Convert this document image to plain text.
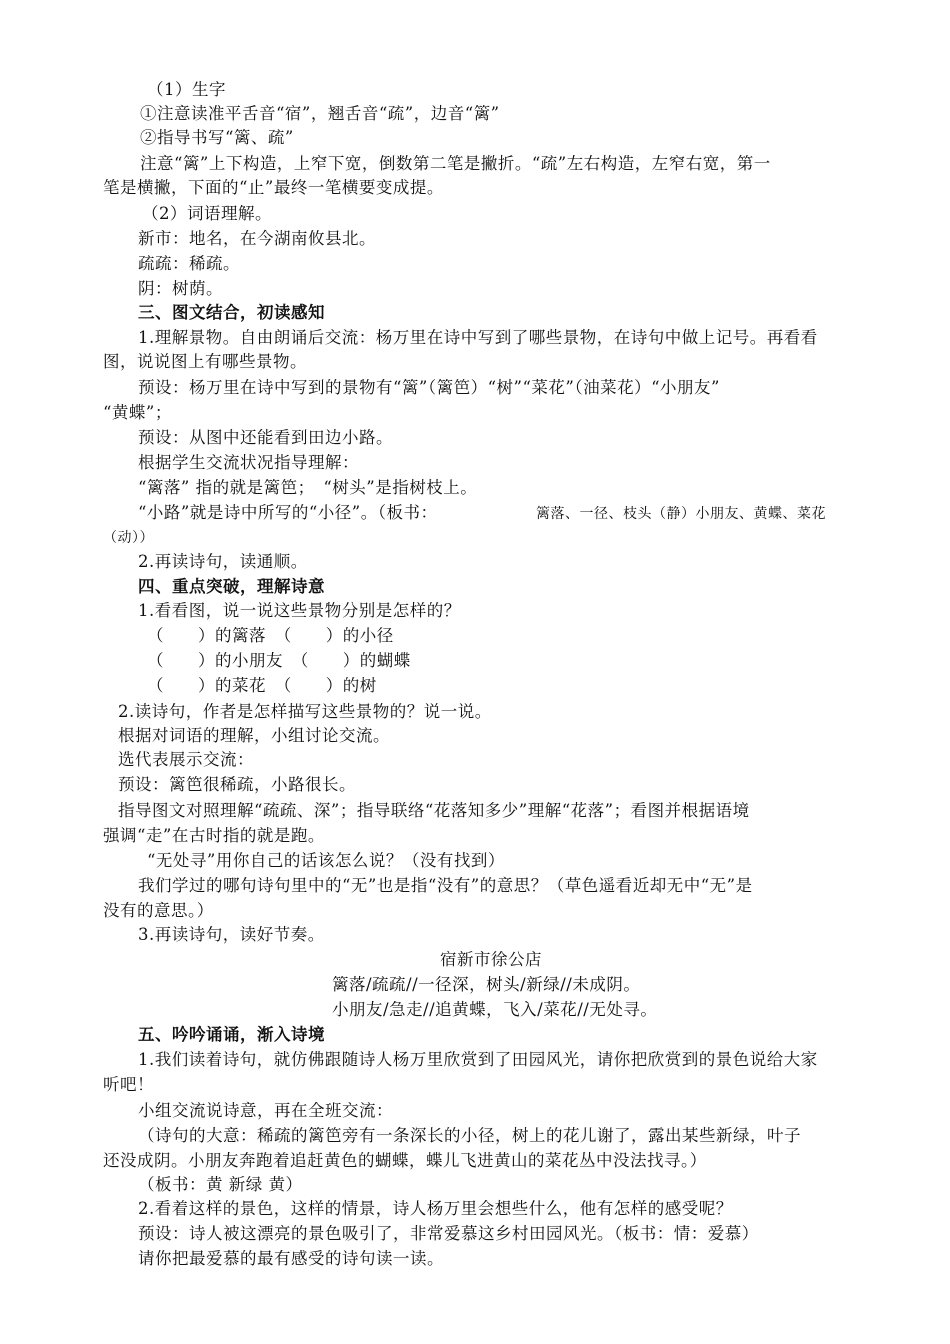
（1）生字
①注意读准平舌音“宿”，翘舌音“疏”，边音“篱”
②指导书写“篱、疏”
注意“篱”上下构造，上窄下宽，倒数第二笔是撇折。“疏”左右构造，左窄右宽，第一
笔是横撇，下面的“止”最终一笔横要变成提。
（2）词语理解。
新市：地名，在今湖南攸县北。
疏疏：稀疏。
阴：树荫。
三、图文结合，初读感知
1.理解景物。自由朗诵后交流：杨万里在诗中写到了哪些景物，在诗句中做上记号。再看看
图，说说图上有哪些景物。
预设：杨万里在诗中写到的景物有“篱”（篱笆）“树”“菜花”（油菜花）“小朋友”
“黄蝶”；
预设：从图中还能看到田边小路。
根据学生交流状况指导理解：
“篱落” 指的就是篱笆；　“树头”是指树枝上。
“小路”就是诗中所写的“小径”。（板书：	篱落、一径、枝头（静）小朋友、黄蝶、菜花
（动））
2.再读诗句，读通顺。
四、重点突破，理解诗意
1.看看图，说一说这些景物分别是怎样的？
（　　）的篱落　（　　）的小径
（　　）的小朋友　（　　）的蝴蝶
（　　）的菜花　（　　）的树
2.读诗句，作者是怎样描写这些景物的？说一说。
根据对词语的理解，小组讨论交流。
选代表展示交流：
预设：篱笆很稀疏，小路很长。
指导图文对照理解“疏疏、深”；指导联络“花落知多少”理解“花落”；看图并根据语境
强调“走”在古时指的就是跑。
“无处寻”用你自己的话该怎么说？（没有找到）
我们学过的哪句诗句里中的“无”也是指“没有”的意思？（草色遥看近却无中“无”是
没有的意思。）
3.再读诗句，读好节奏。
宿新市徐公店
篱落/疏疏//一径深，树头/新绿//未成阴。
小朋友/急走//追黄蝶，飞入/菜花//无处寻。
五、吟吟诵诵，渐入诗境
1.我们读着诗句，就仿佛跟随诗人杨万里欣赏到了田园风光，请你把欣赏到的景色说给大家
听吧！
小组交流说诗意，再在全班交流：
（诗句的大意：稀疏的篱笆旁有一条深长的小径，树上的花儿谢了，露出某些新绿，叶子
还没成阴。小朋友奔跑着追赶黄色的蝴蝶，蝶儿飞进黄山的菜花丛中没法找寻。）
（板书：黄 新绿 黄）
2.看着这样的景色，这样的情景，诗人杨万里会想些什么，他有怎样的感受呢？
预设：诗人被这漂亮的景色吸引了，非常爱慕这乡村田园风光。（板书：情：爱慕）
请你把最爱慕的最有感受的诗句读一读。
